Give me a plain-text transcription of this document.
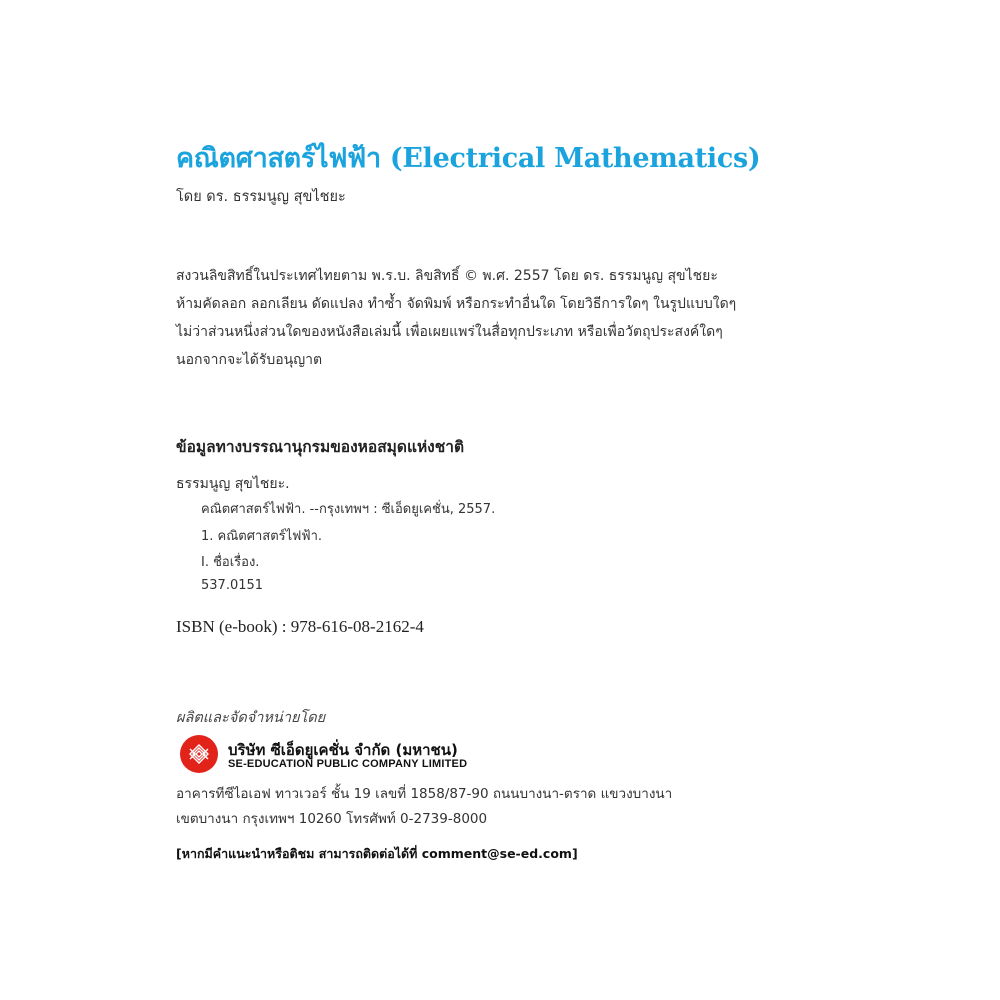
คณิตศาสตร์ไฟฟ้า (Electrical Mathematics)
โดย ดร. ธรรมนูญ สุขไชยะ
สงวนลิขสิทธิ์ในประเทศไทยตาม พ.ร.บ. ลิขสิทธิ์ © พ.ศ. 2557 โดย ดร. ธรรมนูญ สุขไชยะ
ห้ามคัดลอก ลอกเลียน ดัดแปลง ทำซ้ำ จัดพิมพ์ หรือกระทำอื่นใด โดยวิธีการใดๆ ในรูปแบบใดๆ
ไม่ว่าส่วนหนึ่งส่วนใดของหนังสือเล่มนี้ เพื่อเผยแพร่ในสื่อทุกประเภท หรือเพื่อวัตถุประสงค์ใดๆ
นอกจากจะได้รับอนุญาต
ข้อมูลทางบรรณานุกรมของหอสมุดแห่งชาติ
ธรรมนูญ สุขไชยะ.
คณิตศาสตร์ไฟฟ้า. --กรุงเทพฯ : ซีเอ็ดยูเคชั่น, 2557.
1. คณิตศาสตร์ไฟฟ้า.
I. ชื่อเรื่อง.
537.0151
ISBN (e-book) : 978-616-08-2162-4
ผลิตและจัดจำหน่ายโดย
บริษัท ซีเอ็ดยูเคชั่น จำกัด (มหาชน)
SE-EDUCATION PUBLIC COMPANY LIMITED
อาคารทีซีไอเอฟ ทาวเวอร์ ชั้น 19 เลขที่ 1858/87-90 ถนนบางนา-ตราด แขวงบางนา
เขตบางนา กรุงเทพฯ 10260 โทรศัพท์ 0-2739-8000
[หากมีคำแนะนำหรือติชม สามารถติดต่อได้ที่ comment@se-ed.com]
